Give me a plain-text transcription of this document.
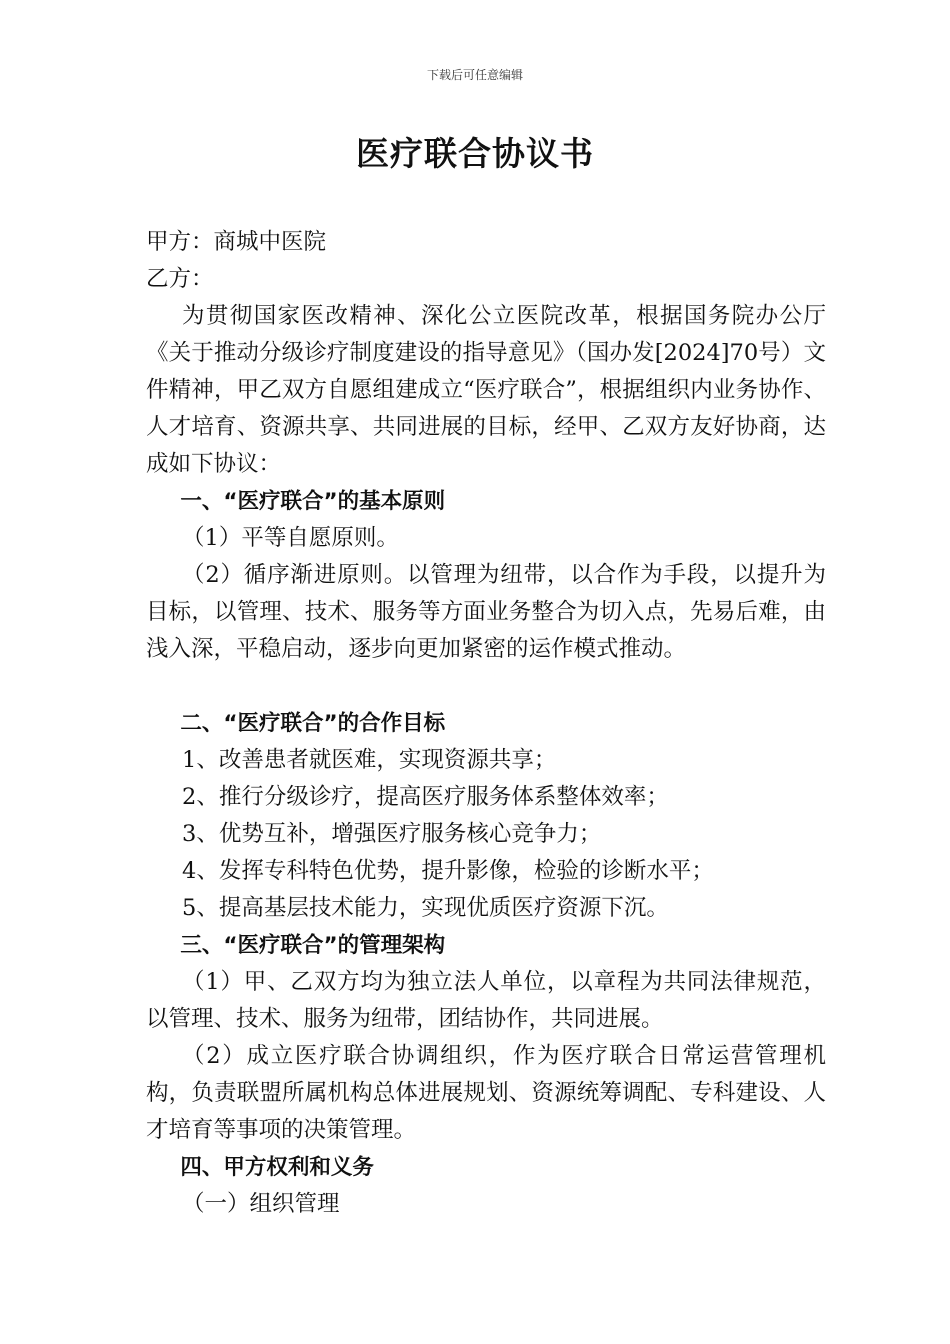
下载后可任意编辑
医疗联合协议书

甲方：商城中医院

乙方：

为贯彻国家医改精神、深化公立医院改革，根据国务院办公厅《关于推动分级诊疗制度建设的指导意见》（国办发[2024]70号）文件精神，甲乙双方自愿组建成立“医疗联合”，根据组织内业务协作、人才培育、资源共享、共同进展的目标，经甲、乙双方友好协商，达成如下协议：

一、“医疗联合”的基本原则

（1）平等自愿原则。

（2）循序渐进原则。以管理为纽带，以合作为手段，以提升为目标，以管理、技术、服务等方面业务整合为切入点，先易后难，由浅入深，平稳启动，逐步向更加紧密的运作模式推动。

二、“医疗联合”的合作目标

1、改善患者就医难，实现资源共享；

2、推行分级诊疗，提高医疗服务体系整体效率；

3、优势互补，增强医疗服务核心竞争力；

4、发挥专科特色优势，提升影像，检验的诊断水平；

5、提高基层技术能力，实现优质医疗资源下沉。

三、“医疗联合”的管理架构

（1）甲、乙双方均为独立法人单位，以章程为共同法律规范，以管理、技术、服务为纽带，团结协作，共同进展。

（2）成立医疗联合协调组织，作为医疗联合日常运营管理机构，负责联盟所属机构总体进展规划、资源统筹调配、专科建设、人才培育等事项的决策管理。

四、甲方权利和义务

（一）组织管理
